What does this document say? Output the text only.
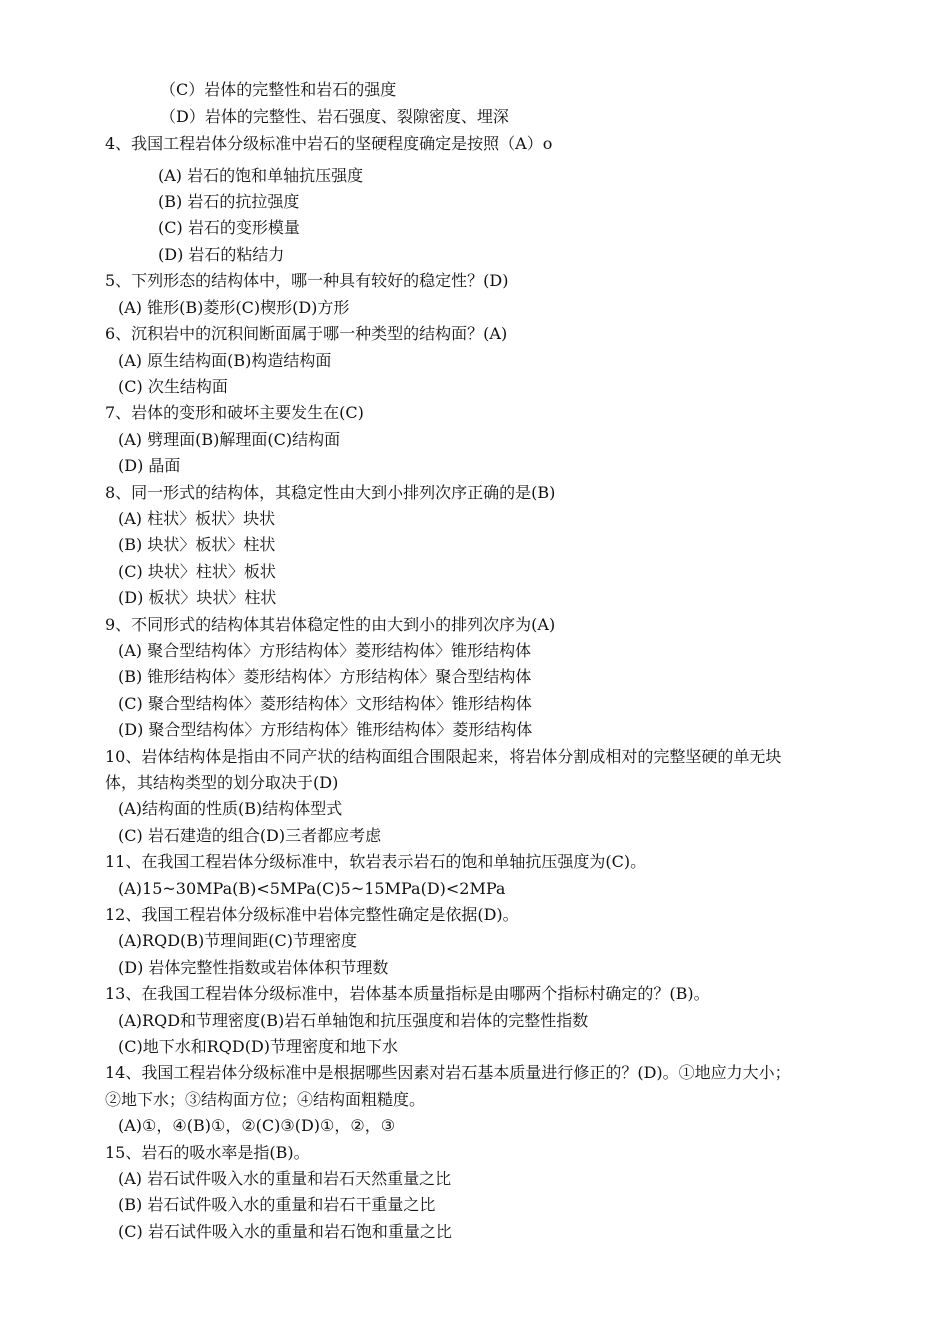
（C）岩体的完整性和岩石的强度
（D）岩体的完整性、岩石强度、裂隙密度、埋深
4、我国工程岩体分级标准中岩石的坚硬程度确定是按照（A）o
(A) 岩石的饱和单轴抗压强度
(B) 岩石的抗拉强度
(C) 岩石的变形模量
(D) 岩石的粘结力
5、下列形态的结构体中，哪一种具有较好的稳定性？(D)
(A) 锥形(B)菱形(C)楔形(D)方形
6、沉积岩中的沉积间断面属于哪一种类型的结构面？(A)
(A) 原生结构面(B)构造结构面
(C) 次生结构面
7、岩体的变形和破坏主要发生在(C)
(A) 劈理面(B)解理面(C)结构面
(D) 晶面
8、同一形式的结构体，其稳定性由大到小排列次序正确的是(B)
(A) 柱状〉板状〉块状
(B) 块状〉板状〉柱状
(C) 块状〉柱状〉板状
(D) 板状〉块状〉柱状
9、不同形式的结构体其岩体稳定性的由大到小的排列次序为(A)
(A) 聚合型结构体〉方形结构体〉菱形结构体〉锥形结构体
(B) 锥形结构体〉菱形结构体〉方形结构体〉聚合型结构体
(C) 聚合型结构体〉菱形结构体〉文形结构体〉锥形结构体
(D) 聚合型结构体〉方形结构体〉锥形结构体〉菱形结构体
10、岩体结构体是指由不同产状的结构面组合围限起来，将岩体分割成相对的完整坚硬的单无块
体，其结构类型的划分取决于(D)
(A)结构面的性质(B)结构体型式
(C) 岩石建造的组合(D)三者都应考虑
11、在我国工程岩体分级标准中，软岩表示岩石的饱和单轴抗压强度为(C)。
(A)15~30MPa(B)<5MPa(C)5~15MPa(D)<2MPa
12、我国工程岩体分级标准中岩体完整性确定是依据(D)。
(A)RQD(B)节理间距(C)节理密度
(D) 岩体完整性指数或岩体体积节理数
13、在我国工程岩体分级标准中，岩体基本质量指标是由哪两个指标村确定的？(B)。
(A)RQD和节理密度(B)岩石单轴饱和抗压强度和岩体的完整性指数
(C)地下水和RQD(D)节理密度和地下水
14、我国工程岩体分级标准中是根据哪些因素对岩石基本质量进行修正的？(D)。①地应力大小；
②地下水；③结构面方位；④结构面粗糙度。
(A)①，④(B)①，②(C)③(D)①，②，③
15、岩石的吸水率是指(B)。
(A) 岩石试件吸入水的重量和岩石天然重量之比
(B) 岩石试件吸入水的重量和岩石干重量之比
(C) 岩石试件吸入水的重量和岩石饱和重量之比
